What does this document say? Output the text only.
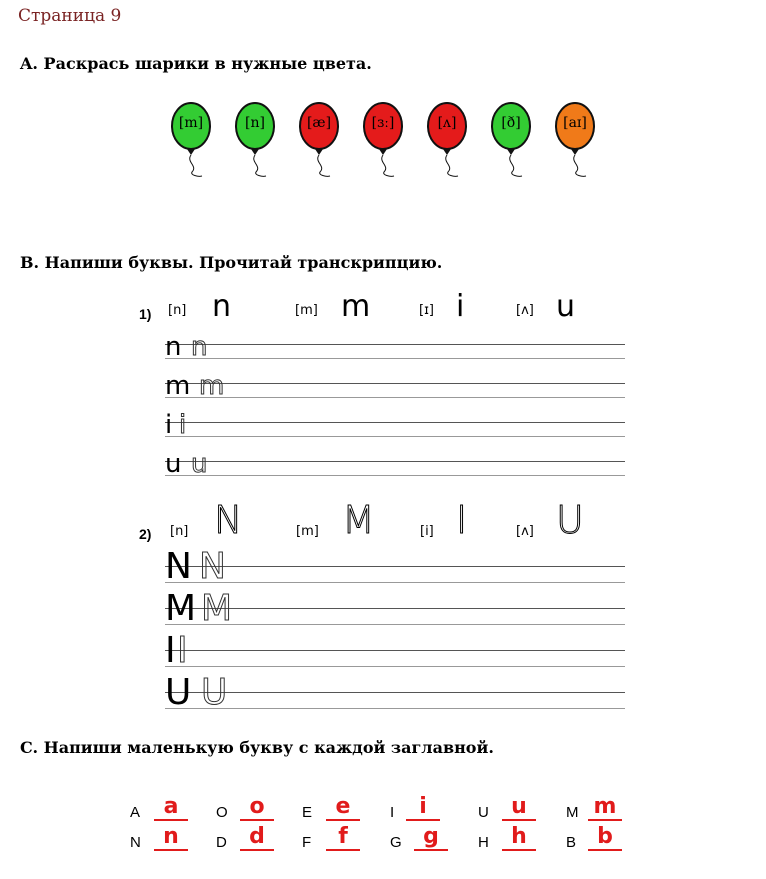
Страница 9
A. Раскрась шарики в нужные цвета.
[m]	[n]	[æ]	[ɜː]	[ʌ]	[ð]	[aɪ]
B. Напиши буквы. Прочитай транскрипцию.
1) [n] n	[m] m	[ɪ] i	[ʌ] u
n n
m m
i i
u u
2) [n] N	[m] M	[i] I	[ʌ] U
N N
M M
I I
U U
C. Напиши маленькую букву с каждой заглавной.
A	a	O o	E	e	I	i	U	u	M m
N	n	D	d	F	f	G g	H	h	B b
